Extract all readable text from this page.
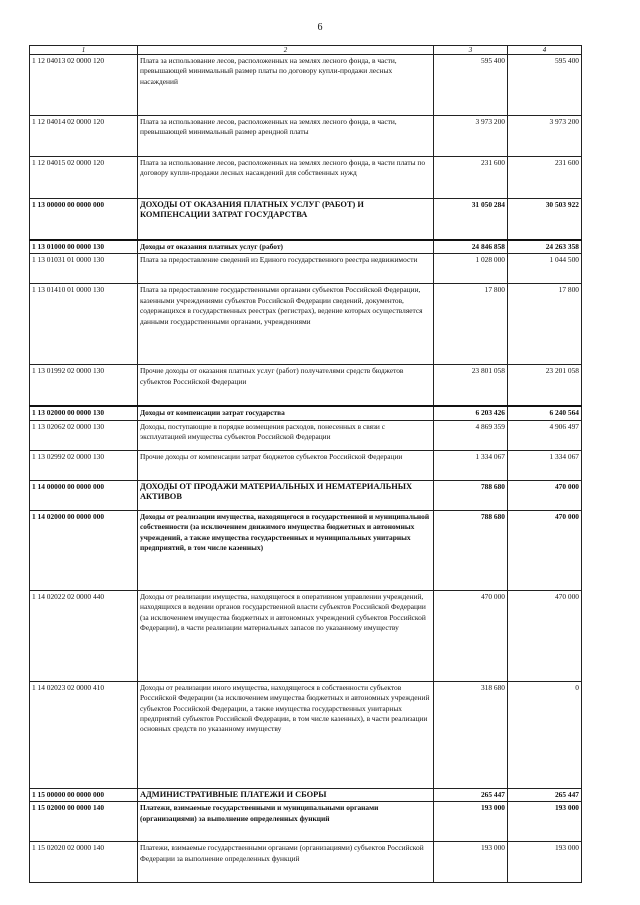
6
1	2	3	4
1 12 04013 02 0000 120	Плата за использование лесов, расположенных на землях лесного фонда, в части, превышающей минимальный размер платы по договору купли-продажи лесных насаждений	595 400	595 400
1 12 04014 02 0000 120	Плата за использование лесов, расположенных на землях лесного фонда, в части, превышающей минимальный размер арендной платы	3 973 200	3 973 200
1 12 04015 02 0000 120	Плата за использование лесов, расположенных на землях лесного фонда, в части платы по договору купли-продажи лесных насаждений для собственных нужд	231 600	231 600
1 13 00000 00 0000 000	ДОХОДЫ ОТ ОКАЗАНИЯ ПЛАТНЫХ УСЛУГ (РАБОТ) И КОМПЕНСАЦИИ ЗАТРАТ ГОСУДАРСТВА	31 050 284	30 503 922
1 13 01000 00 0000 130	Доходы от оказания платных услуг (работ)	24 846 858	24 263 358
1 13 01031 01 0000 130	Плата за предоставление сведений из Единого государственного реестра недвижимости	1 028 000	1 044 500
1 13 01410 01 0000 130	Плата за предоставление государственными органами субъектов Российской Федерации, казенными учреждениями субъектов Российской Федерации сведений, документов, содержащихся в государственных реестрах (регистрах), ведение которых осуществляется данными государственными органами, учреждениями	17 800	17 800
1 13 01992 02 0000 130	Прочие доходы от оказания платных услуг (работ) получателями средств бюджетов субъектов Российской Федерации	23 801 058	23 201 058
1 13 02000 00 0000 130	Доходы от компенсации затрат государства	6 203 426	6 240 564
1 13 02062 02 0000 130	Доходы, поступающие в порядке возмещения расходов, понесенных в связи с эксплуатацией имущества субъектов Российской Федерации	4 869 359	4 906 497
1 13 02992 02 0000 130	Прочие доходы от компенсации затрат бюджетов субъектов Российской Федерации	1 334 067	1 334 067
1 14 00000 00 0000 000	ДОХОДЫ ОТ ПРОДАЖИ МАТЕРИАЛЬНЫХ И НЕМАТЕРИАЛЬНЫХ АКТИВОВ	788 680	470 000
1 14 02000 00 0000 000	Доходы от реализации имущества, находящегося в государственной и муниципальной собственности (за исключением движимого имущества бюджетных и автономных учреждений, а также имущества государственных и муниципальных унитарных предприятий, в том числе казенных)	788 680	470 000
1 14 02022 02 0000 440	Доходы от реализации имущества, находящегося в оперативном управлении учреждений, находящихся в ведении органов государственной власти субъектов Российской Федерации (за исключением имущества бюджетных и автономных учреждений субъектов Российской Федерации), в части реализации материальных запасов по указанному имуществу	470 000	470 000
1 14 02023 02 0000 410	Доходы от реализации иного имущества, находящегося в собственности субъектов Российской Федерации (за исключением имущества бюджетных и автономных учреждений субъектов Российской Федерации, а также имущества государственных унитарных предприятий субъектов Российской Федерации, в том числе казенных), в части реализации основных средств по указанному имуществу	318 680	0
1 15 00000 00 0000 000	АДМИНИСТРАТИВНЫЕ ПЛАТЕЖИ И СБОРЫ	265 447	265 447
1 15 02000 00 0000 140	Платежи, взимаемые государственными и муниципальными органами (организациями) за выполнение определенных функций	193 000	193 000
1 15 02020 02 0000 140	Платежи, взимаемые государственными органами (организациями) субъектов Российской Федерации за выполнение определенных функций	193 000	193 000
